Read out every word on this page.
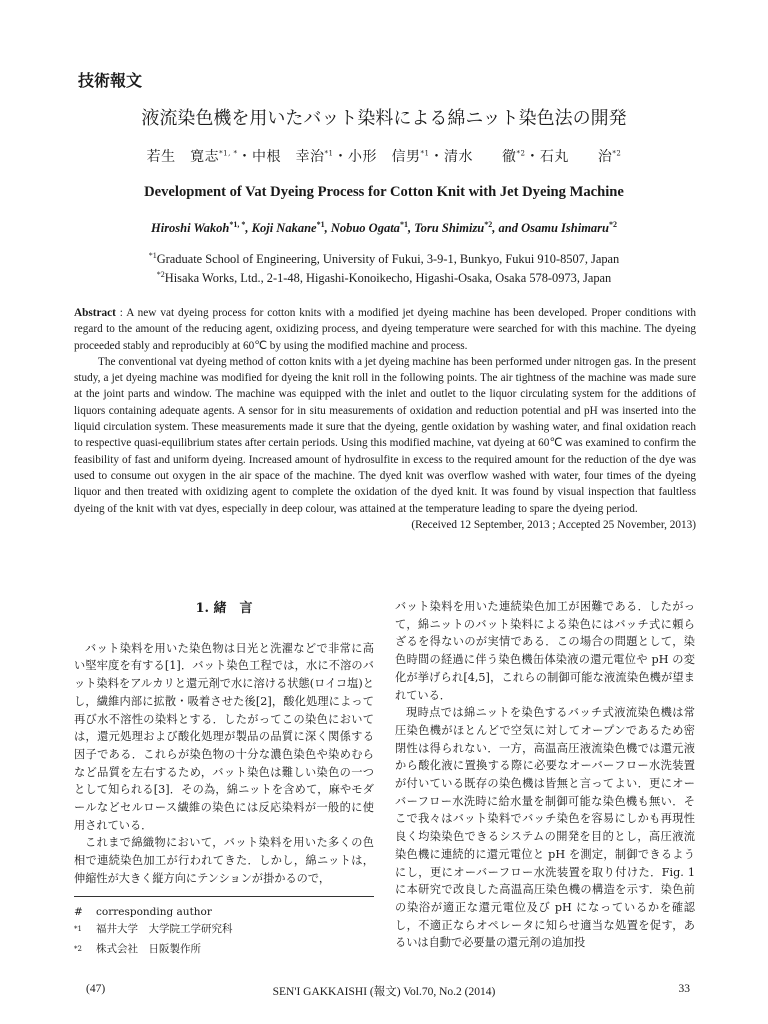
技術報文
液流染色機を用いたバット染料による綿ニット染色法の開発
若生　寛志$^{*1, *}$・中根　幸治$^{*1}$・小形　信男$^{*1}$・清水　　徹$^{*2}$・石丸　　治$^{*2}$
Development of Vat Dyeing Process for Cotton Knit with Jet Dyeing Machine
Hiroshi Wakoh$^{*1, *}$, Koji Nakane$^{*1}$, Nobuo Ogata$^{*1}$, Toru Shimizu$^{*2}$, and Osamu Ishimaru$^{*2}$
$^{*1}$Graduate School of Engineering, University of Fukui, 3-9-1, Bunkyo, Fukui 910-8507, Japan
$^{*2}$Hisaka Works, Ltd., 2-1-48, Higashi-Konoikecho, Higashi-Osaka, Osaka 578-0973, Japan

Abstract : A new vat dyeing process for cotton knits with a modified jet dyeing machine has been developed. Proper conditions with regard to the amount of the reducing agent, oxidizing process, and dyeing temperature were searched for with this machine. The dyeing proceeded stably and reproducibly at 60℃ by using the modified machine and process.

The conventional vat dyeing method of cotton knits with a jet dyeing machine has been performed under nitrogen gas. In the present study, a jet dyeing machine was modified for dyeing the knit roll in the following points. The air tightness of the machine was made sure at the joint parts and window. The machine was equipped with the inlet and outlet to the liquor circulating system for the additions of liquors containing adequate agents. A sensor for in situ measurements of oxidation and reduction potential and pH was inserted into the liquid circulation system. These measurements made it sure that the dyeing, gentle oxidation by washing water, and final oxidation reach to respective quasi-equilibrium states after certain periods. Using this modified machine, vat dyeing at 60℃ was examined to confirm the feasibility of fast and uniform dyeing. Increased amount of hydrosulfite in excess to the required amount for the reduction of the dye was used to consume out oxygen in the air space of the machine. The dyed knit was overflow washed with water, four times of the dyeing liquor and then treated with oxidizing agent to complete the oxidation of the dyed knit. It was found by visual inspection that faultless dyeing of the knit with vat dyes, especially in deep colour, was attained at the temperature leading to spare the dyeing period.

(Received 12 September, 2013 ; Accepted 25 November, 2013)
1. 緒　言

バット染料を用いた染色物は日光と洗濯などで非常に高い堅牢度を有する[1]．バット染色工程では，水に不溶のバット染料をアルカリと還元剤で水に溶ける状態(ロイコ塩)とし，繊維内部に拡散・吸着させた後[2]，酸化処理によって再び水不溶性の染料とする．したがってこの染色においては，還元処理および酸化処理が製品の品質に深く関係する因子である．これらが染色物の十分な濃色染色や染めむらなど品質を左右するため，バット染色は難しい染色の一つとして知られる[3]．その為，綿ニットを含めて，麻やモダールなどセルロース繊維の染色には反応染料が一般的に使用されている．

これまで綿織物において，バット染料を用いた多くの色相で連続染色加工が行われてきた．しかし，綿ニットは，伸縮性が大きく縦方向にテンションが掛かるので，

バット染料を用いた連続染色加工が困難である．したがって，綿ニットのバット染料による染色にはバッチ式に頼らざるを得ないのが実情である．この場合の問題として，染色時間の経過に伴う染色機缶体染液の還元電位や pH の変化が挙げられ[4,5]，これらの制御可能な液流染色機が望まれている．

現時点では綿ニットを染色するバッチ式液流染色機は常圧染色機がほとんどで空気に対してオープンであるため密閉性は得られない．一方，高温高圧液流染色機では還元液から酸化液に置換する際に必要なオーバーフロー水洗装置が付いている既存の染色機は皆無と言ってよい．更にオーバーフロー水洗時に給水量を制御可能な染色機も無い．そこで我々はバット染料でバッチ染色を容易にしかも再現性良く均染染色できるシステムの開発を目的とし，高圧液流染色機に連続的に還元電位と pH を測定，制御できるようにし，更にオーバーフロー水洗装置を取り付けた．Fig. 1 に本研究で改良した高温高圧染色機の構造を示す．染色前の染浴が適正な還元電位及び pH になっているかを確認し，不適正ならオペレータに知らせ適当な処置を促す，あるいは自動で必要量の還元剤の追加投

#	corresponding author
$^{*1}$	福井大学　大学院工学研究科
$^{*2}$	株式会社　日阪製作所
(47)	SEN'I GAKKAISHI (報文) Vol.70, No.2 (2014)	33
